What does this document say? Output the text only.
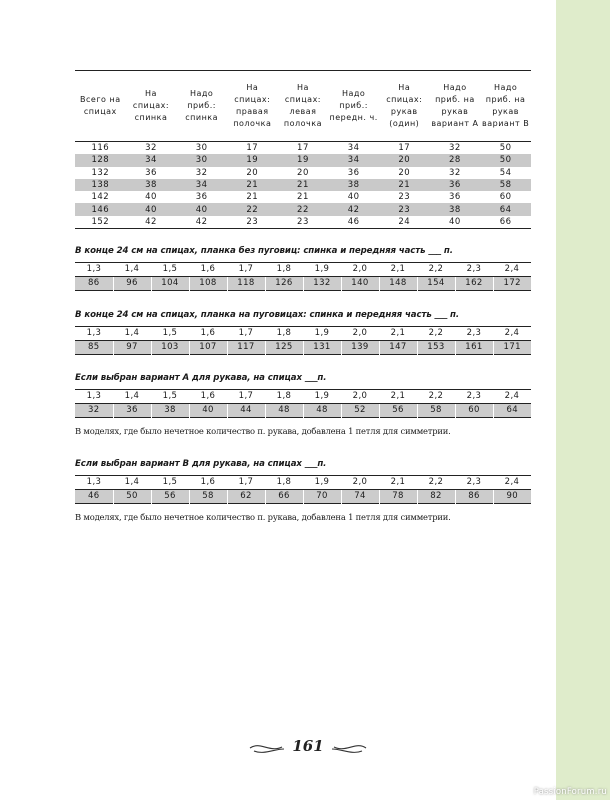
Всего на спицах	На спицах: спинка	Надо приб.: спинка	На спицах: правая полочка	На спицах: левая полочка	Надо приб.: передн. ч.	На спицах: рукав (один)	Надо приб. на рукав вариант А	Надо приб. на рукав вариант В
116	32	30	17	17	34	17	32	50
128	34	30	19	19	34	20	28	50
132	36	32	20	20	36	20	32	54
138	38	34	21	21	38	21	36	58
142	40	36	21	21	40	23	36	60
146	40	40	22	22	42	23	38	64
152	42	42	23	23	46	24	40	66

В конце 24 см на спицах, планка без пуговиц: спинка и передняя часть ___ п.

1,3	1,4	1,5	1,6	1,7	1,8	1,9	2,0	2,1	2,2	2,3	2,4
86	96	104	108	118	126	132	140	148	154	162	172

В конце 24 см на спицах, планка на пуговицах: спинка и передняя часть ___ п.

1,3	1,4	1,5	1,6	1,7	1,8	1,9	2,0	2,1	2,2	2,3	2,4
85	97	103	107	117	125	131	139	147	153	161	171

Если выбран вариант А для рукава, на спицах ___п.

1,3	1,4	1,5	1,6	1,7	1,8	1,9	2,0	2,1	2,2	2,3	2,4
32	36	38	40	44	48	48	52	56	58	60	64

В моделях, где было нечетное количество п. рукава, добавлена 1 петля для симметрии.

Если выбран вариант В для рукава, на спицах ___п.

1,3	1,4	1,5	1,6	1,7	1,8	1,9	2,0	2,1	2,2	2,3	2,4
46	50	56	58	62	66	70	74	78	82	86	90

В моделях, где было нечетное количество п. рукава, добавлена 1 петля для симметрии.

161
PassionForum.ru
